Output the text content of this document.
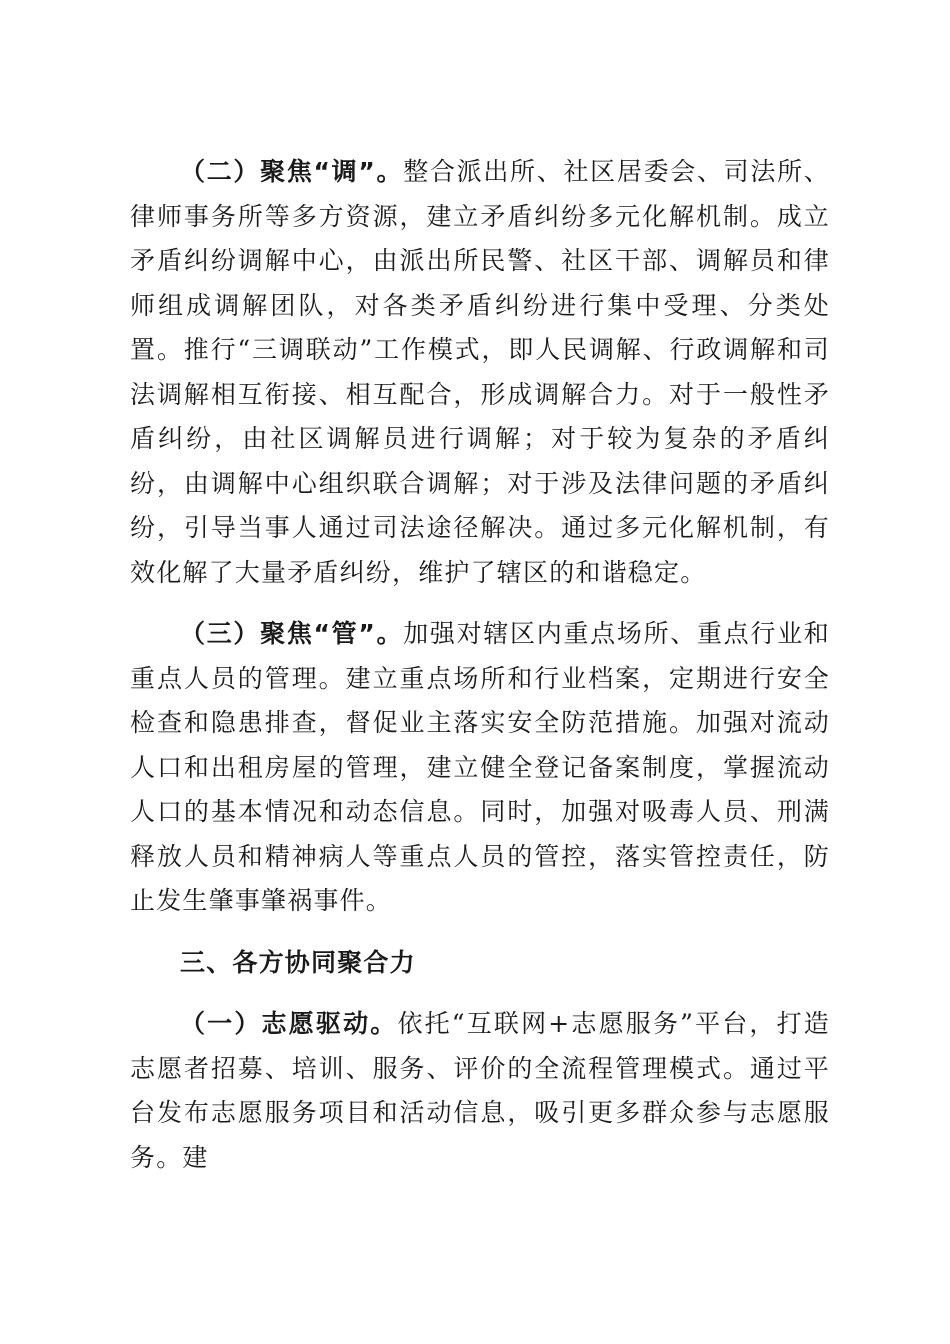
（二）聚焦“调”。整合派出所、社区居委会、司法所、律师事务所等多方资源，建立矛盾纠纷多元化解机制。成立矛盾纠纷调解中心，由派出所民警、社区干部、调解员和律师组成调解团队，对各类矛盾纠纷进行集中受理、分类处置。推行“三调联动”工作模式，即人民调解、行政调解和司法调解相互衔接、相互配合，形成调解合力。对于一般性矛盾纠纷，由社区调解员进行调解；对于较为复杂的矛盾纠纷，由调解中心组织联合调解；对于涉及法律问题的矛盾纠纷，引导当事人通过司法途径解决。通过多元化解机制，有效化解了大量矛盾纠纷，维护了辖区的和谐稳定。

（三）聚焦“管”。加强对辖区内重点场所、重点行业和重点人员的管理。建立重点场所和行业档案，定期进行安全检查和隐患排查，督促业主落实安全防范措施。加强对流动人口和出租房屋的管理，建立健全登记备案制度，掌握流动人口的基本情况和动态信息。同时，加强对吸毒人员、刑满释放人员和精神病人等重点人员的管控，落实管控责任，防止发生肇事肇祸事件。

三、各方协同聚合力

（一）志愿驱动。依托“互联网+志愿服务”平台，打造志愿者招募、培训、服务、评价的全流程管理模式。通过平台发布志愿服务项目和活动信息，吸引更多群众参与志愿服务。建
